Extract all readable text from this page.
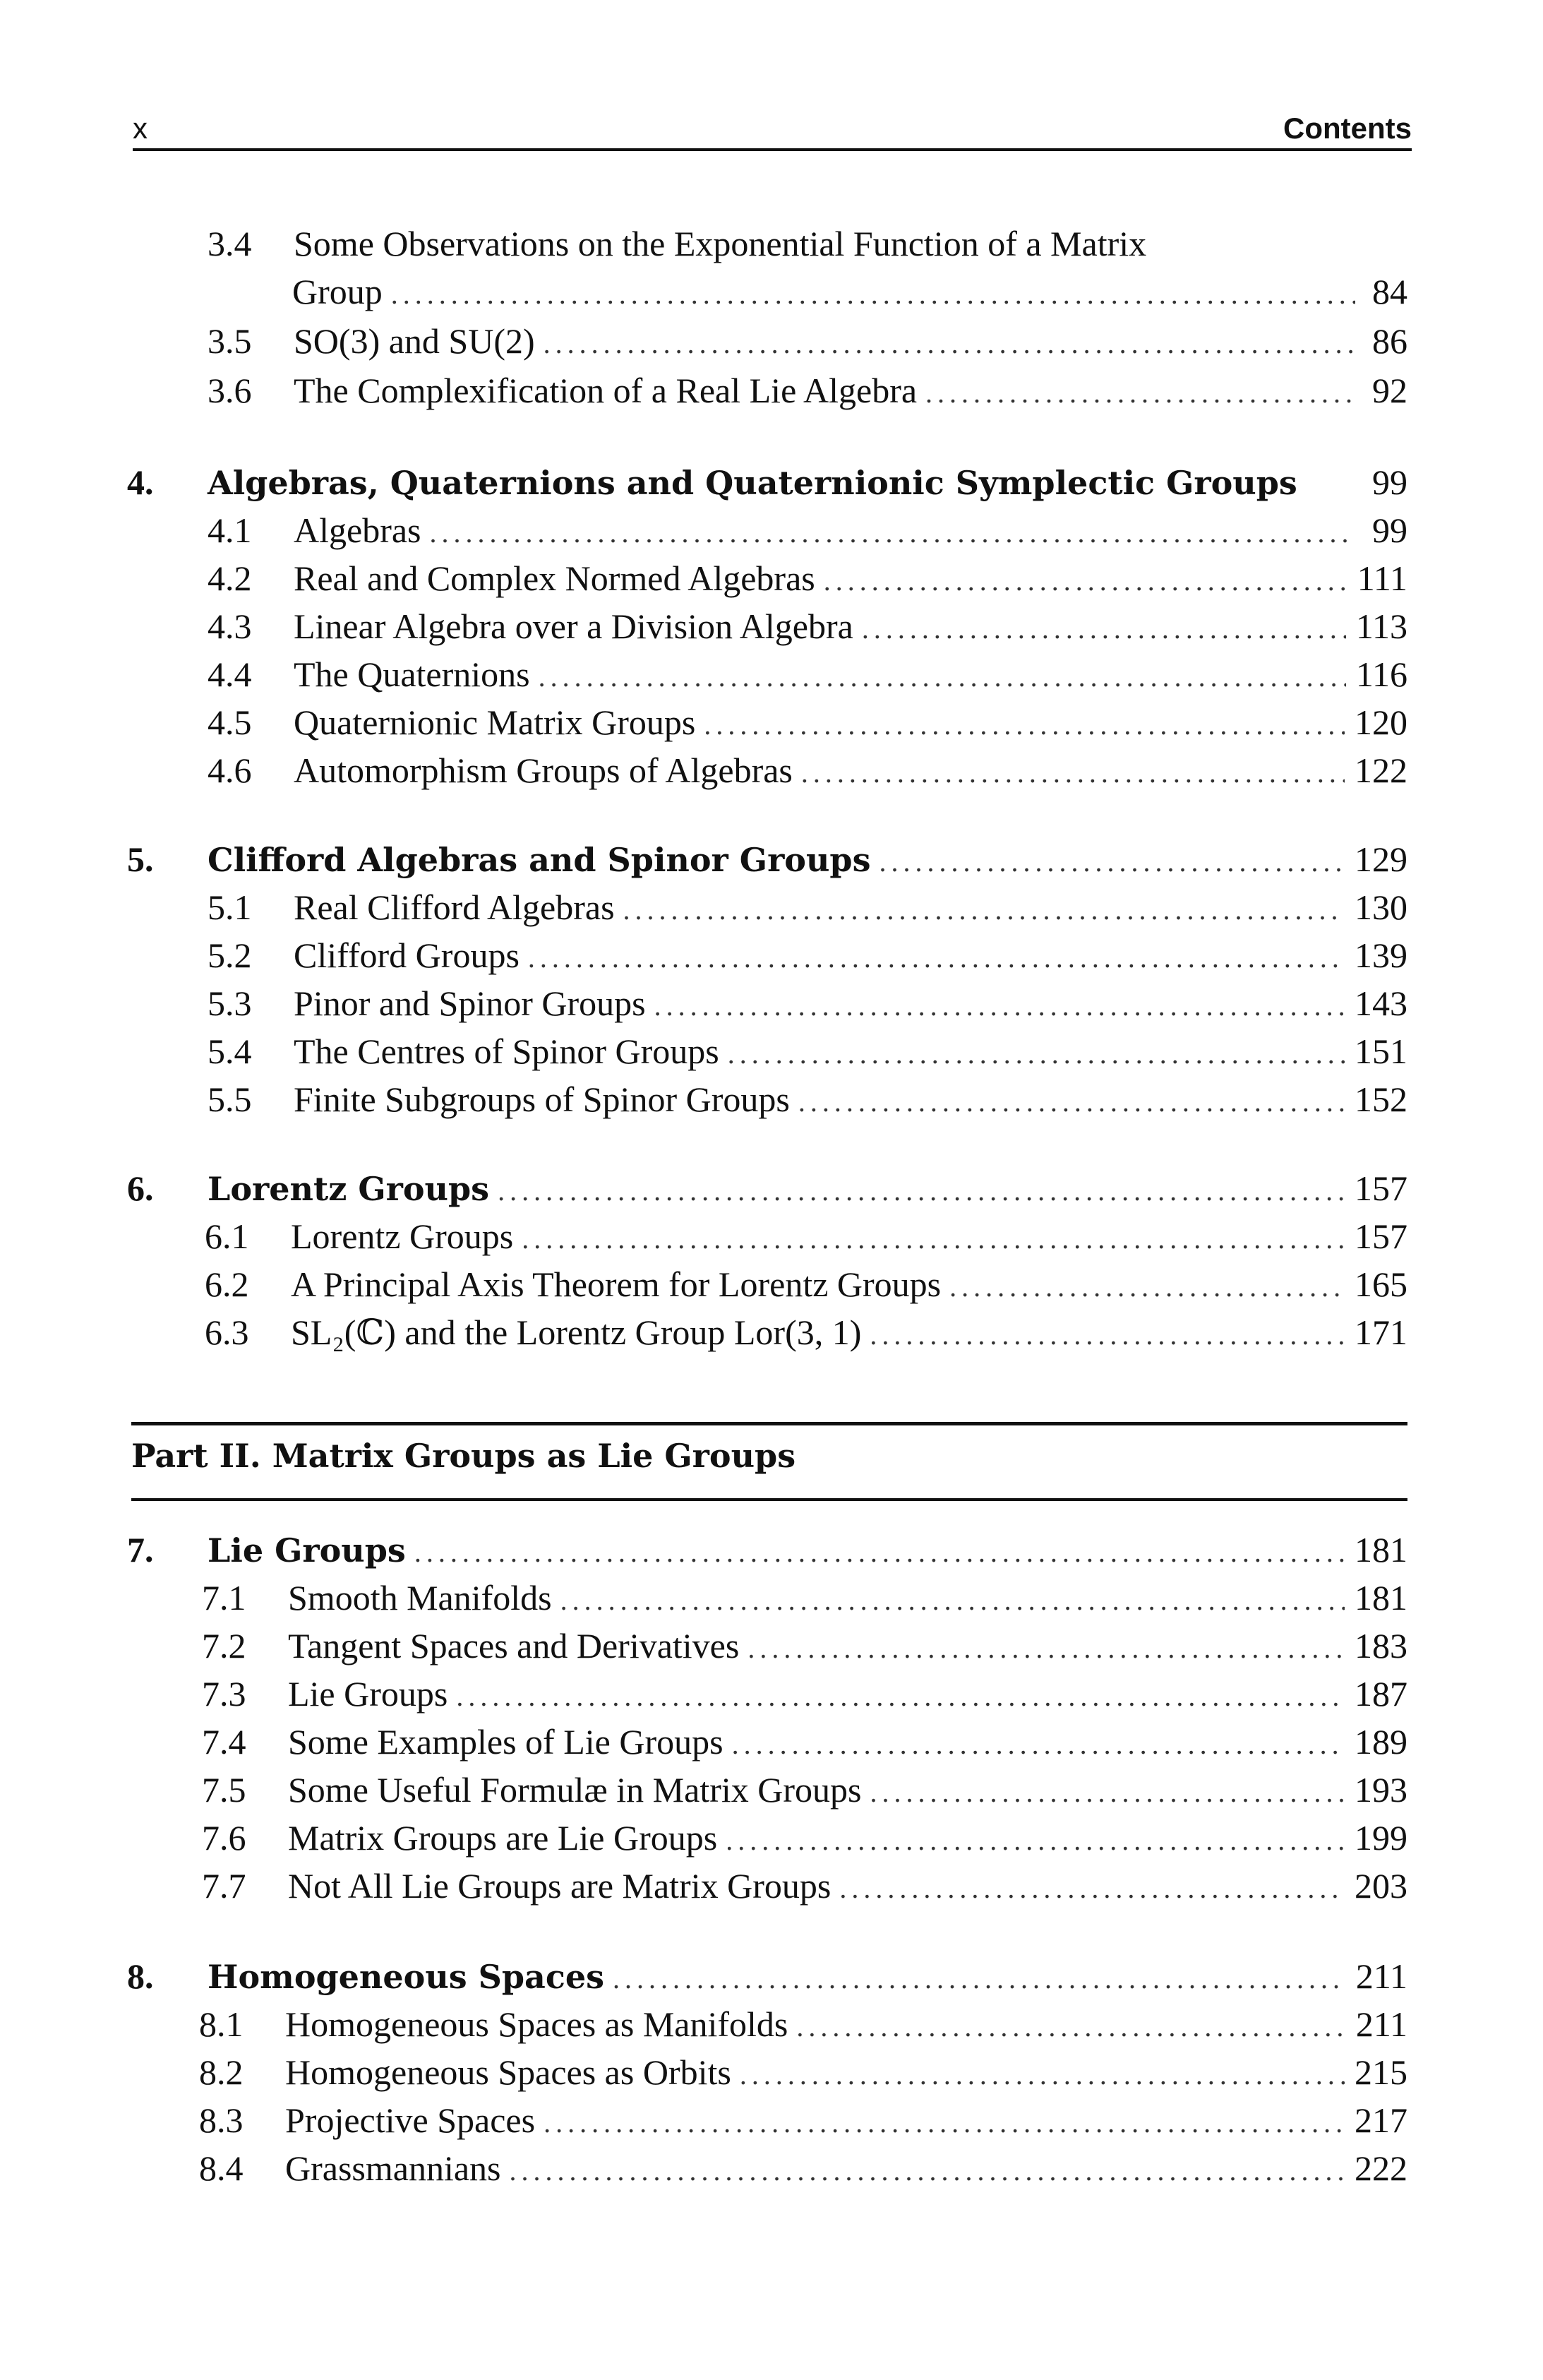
x	Contents
3.4	Some Observations on the Exponential Function of a Matrix
Group .....	84
3.5	SO(3) and SU(2) .....	86
3.6	The Complexification of a Real Lie Algebra .....	92
4.	Algebras, Quaternions and Quaternionic Symplectic Groups 99
4.1	Algebras .....	99
4.2	Real and Complex Normed Algebras .....	111
4.3	Linear Algebra over a Division Algebra .....	113
4.4	The Quaternions .....	116
4.5	Quaternionic Matrix Groups .....	120
4.6	Automorphism Groups of Algebras .....	122
5.	Clifford Algebras and Spinor Groups .....	129
5.1	Real Clifford Algebras .....	130
5.2	Clifford Groups .....	139
5.3	Pinor and Spinor Groups .....	143
5.4	The Centres of Spinor Groups .....	151
5.5	Finite Subgroups of Spinor Groups .....	152
6.	Lorentz Groups .....	157
6.1	Lorentz Groups .....	157
6.2	A Principal Axis Theorem for Lorentz Groups .....	165
6.3	SL₂(ℂ) and the Lorentz Group Lor(3, 1) .....	171
Part II. Matrix Groups as Lie Groups
7.	Lie Groups .....	181
7.1	Smooth Manifolds .....	181
7.2	Tangent Spaces and Derivatives .....	183
7.3	Lie Groups .....	187
7.4	Some Examples of Lie Groups .....	189
7.5	Some Useful Formulæ in Matrix Groups .....	193
7.6	Matrix Groups are Lie Groups .....	199
7.7	Not All Lie Groups are Matrix Groups .....	203
8.	Homogeneous Spaces .....	211
8.1	Homogeneous Spaces as Manifolds .....	211
8.2	Homogeneous Spaces as Orbits .....	215
8.3	Projective Spaces .....	217
8.4	Grassmannians .....	222
